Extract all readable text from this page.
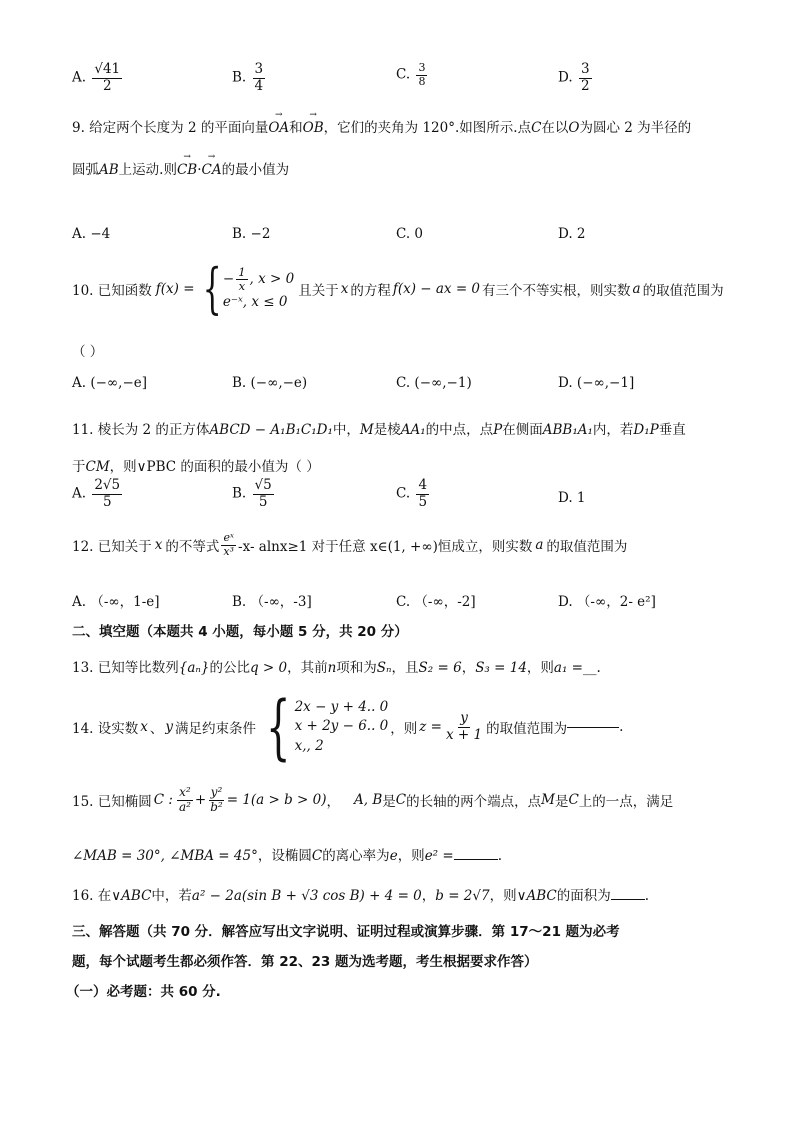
A. $\frac{√41}{2}$	B. $\frac{3}{4}$	C. $\frac{3}{8}$	D. $\frac{3}{2}$
9. 给定两个长度为 2 的平面向量→ OA和→ OB，它们的夹角为 120°.如图所示.点C在以O为圆心 2 为半径的
圆弧AB上运动.则→ CB·→ CA的最小值为
A. −4	B. −2	C. 0	D. 2
10. 已知函数 f(x) = { − $\frac{1}{x}$ , x > 0
e⁻ˣ, x ≤ 0
且关于 x 的方程 f(x) − ax = 0 有三个不等实根，则实数 a 的取值范围为
（ ）
A. (−∞,−e]	B. (−∞,−e)	C. (−∞,−1)	D. (−∞,−1]
11. 棱长为 2 的正方体ABCD − A₁B₁C₁D₁中，M是棱AA₁的中点，点P在侧面ABB₁A₁内，若D₁P垂直
于CM，则∨PBC 的面积的最小值为（ ）
A. $\frac{2√5}{5}$	B. $\frac{√5}{5}$	C. $\frac{4}{5}$	D. 1
12. 已知关于 x 的不等式 $\frac{\text{eˣ}}{\text{x³}} -x-$ alnx≥1 对于任意 x∈(1, +∞)恒成立，则实数 a 的取值范围为
A. （-∞，1-e]	B. （-∞，-3]	C. （-∞，-2]	D. （-∞，2- e²]
二、填空题（本题共 4 小题，每小题 5 分，共 20 分）
13. 已知等比数列{aₙ}的公比q > 0，其前n项和为Sₙ，且S₂ = 6，S₃ = 14，则a₁ =__.
14. 设实数 x 、 y 满足约束条件 { 2x − y + 4.. 0
x + 2y − 6.. 0
x,, 2
，则 $z = \frac{y}{x + 1}$ 的取值范围为	.
15. 已知椭圆 C : $\frac{\text{x²}}{\text{a²}} + \frac{\text{y²}}{\text{b²}} = 1(a > b > 0)$ ， A, B 是 C 的长轴的两个端点，点 M 是 C 上的一点，满足
∠MAB = 30°, ∠MBA = 45°，设椭圆C的离心率为e，则e² =	.
16. 在∨ABC中，若a² − 2a(sin B + √3 cos B) + 4 = 0，b = 2√7，则∨ABC的面积为	.
三、解答题（共 70 分．解答应写出文字说明、证明过程或演算步骤．第 17～21 题为必考
题，每个试题考生都必须作答．第 22、23 题为选考题，考生根据要求作答）
（一）必考题：共 60 分.
